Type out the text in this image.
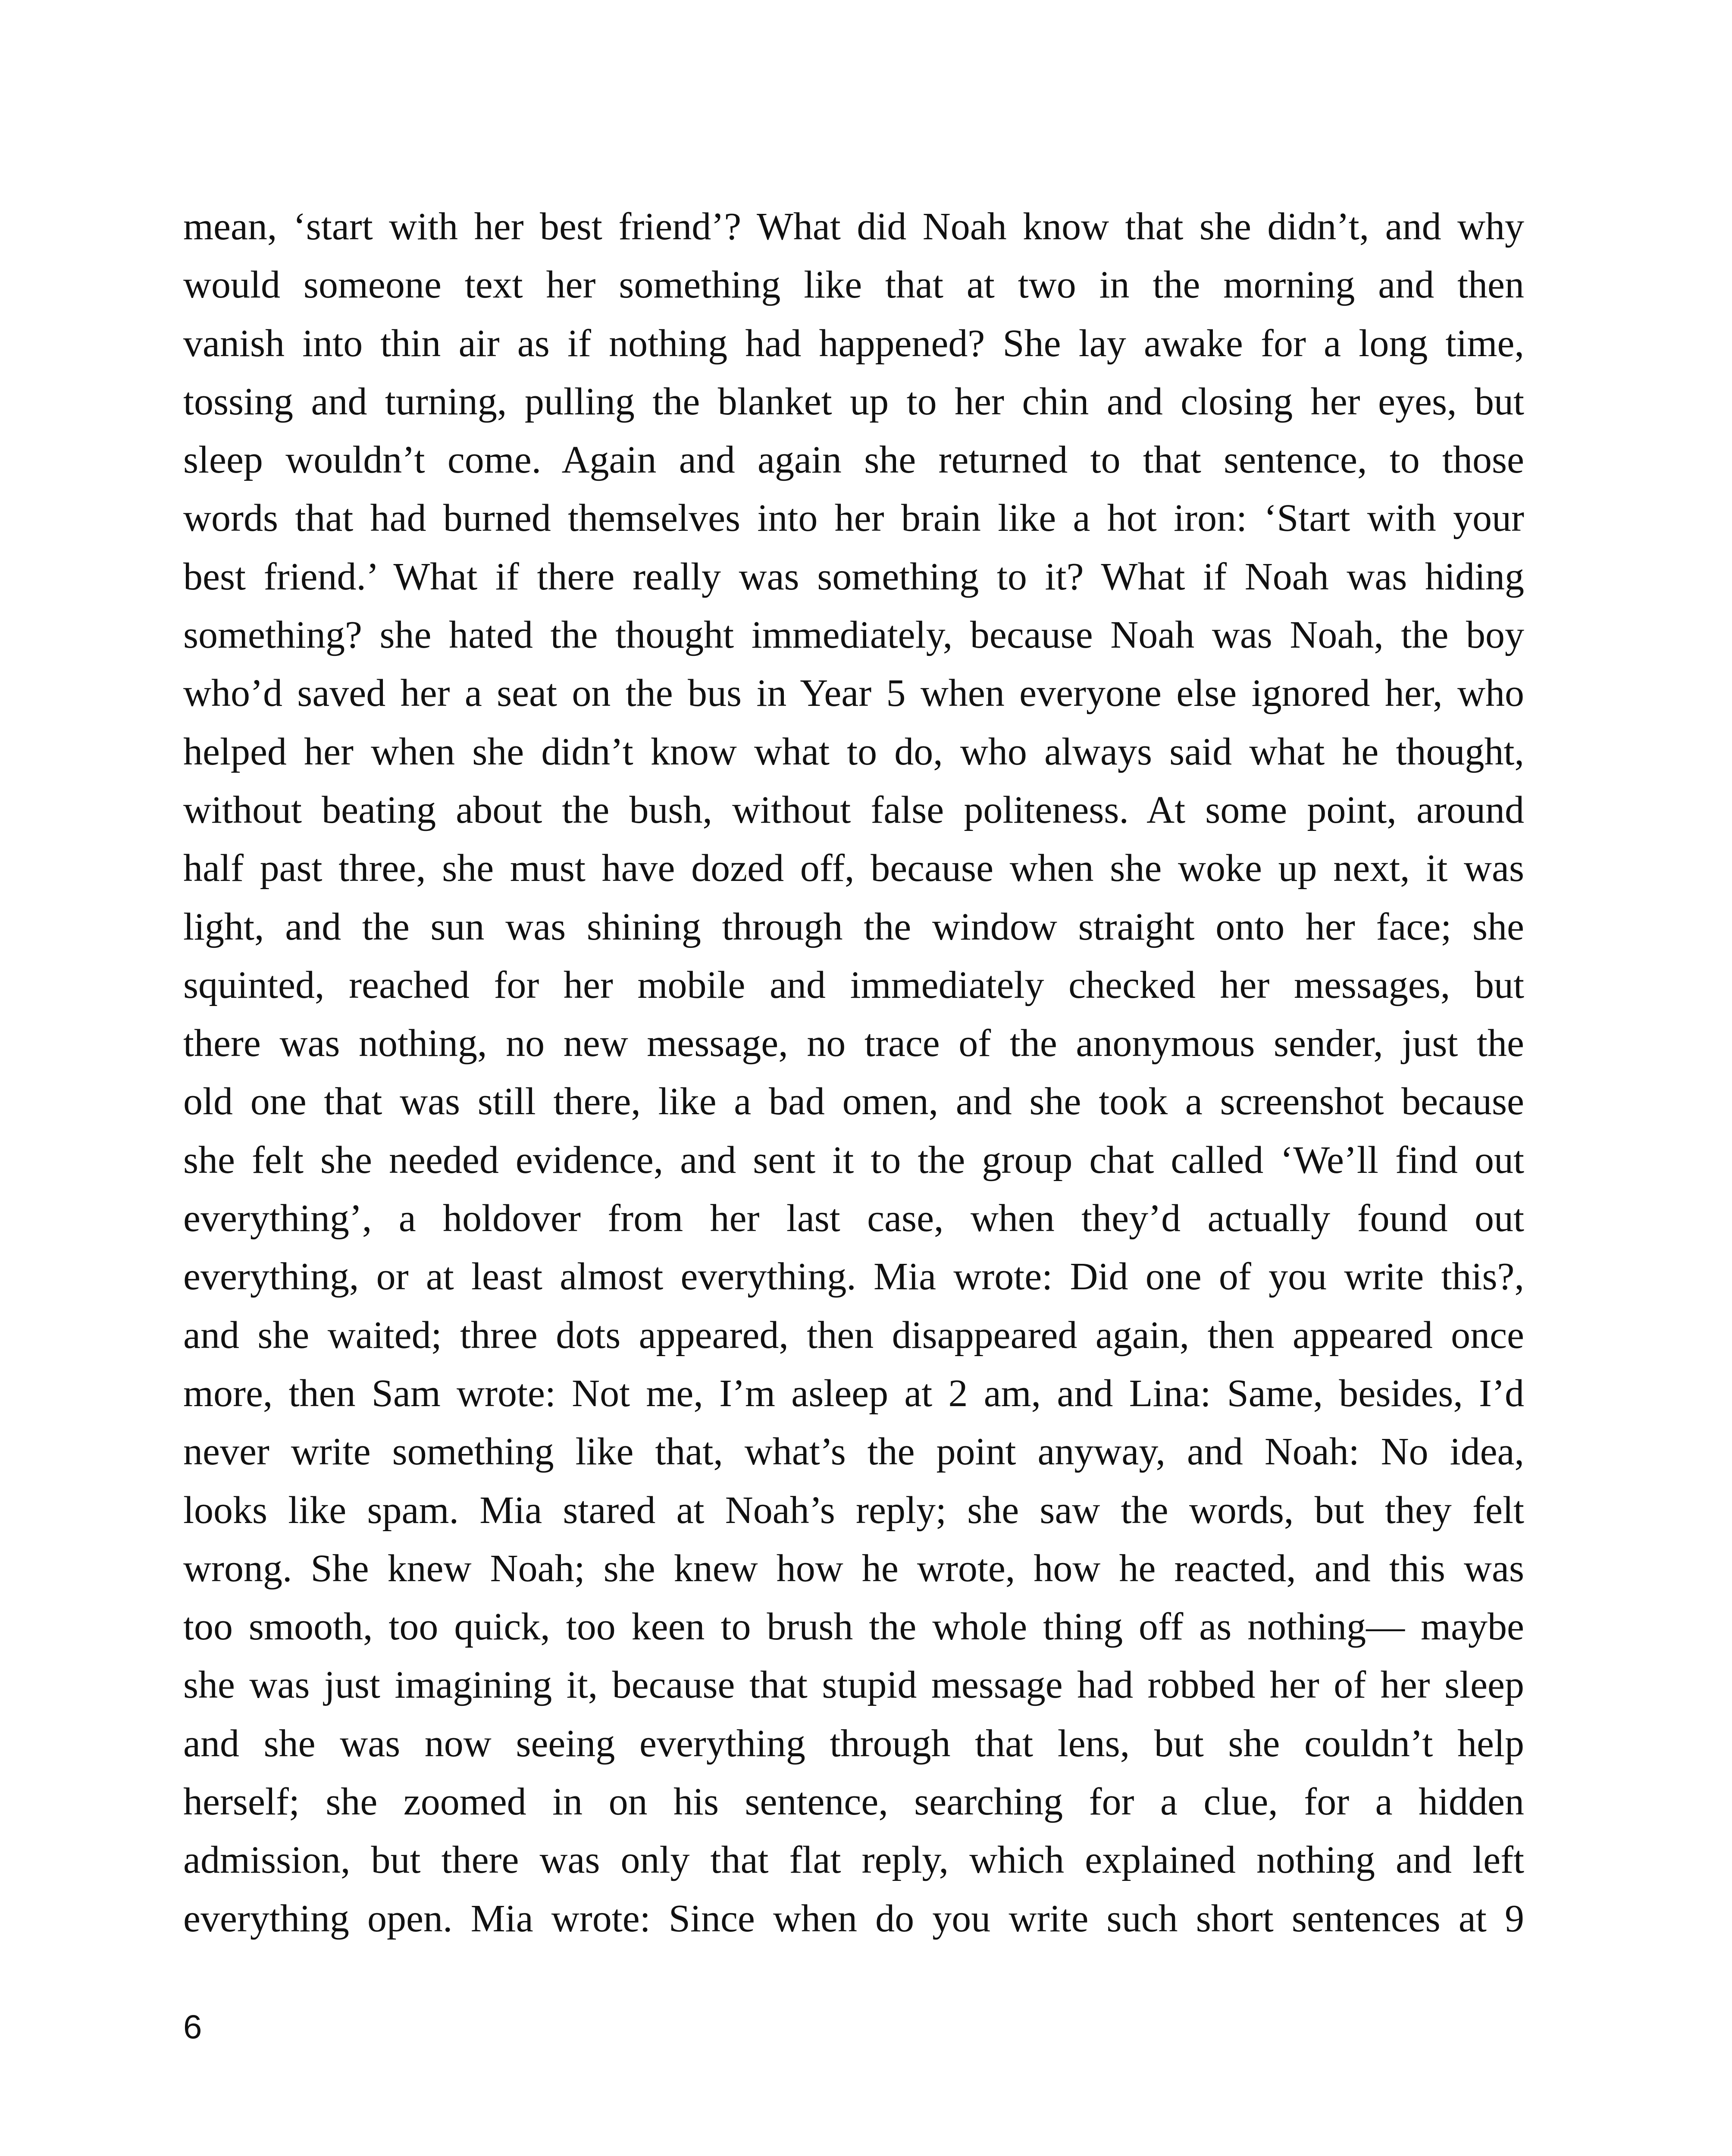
mean, ‘start with her best friend’? What did Noah know that she didn’t, and why
would someone text her something like that at two in the morning and then
vanish into thin air as if nothing had happened? She lay awake for a long time,
tossing and turning, pulling the blanket up to her chin and closing her eyes, but
sleep wouldn’t come. Again and again she returned to that sentence, to those
words that had burned themselves into her brain like a hot iron: ‘Start with your
best friend.’ What if there really was something to it? What if Noah was hiding
something? she hated the thought immediately, because Noah was Noah, the boy
who’d saved her a seat on the bus in Year 5 when everyone else ignored her, who
helped her when she didn’t know what to do, who always said what he thought,
without beating about the bush, without false politeness. At some point, around
half past three, she must have dozed off, because when she woke up next, it was
light, and the sun was shining through the window straight onto her face; she
squinted, reached for her mobile and immediately checked her messages, but
there was nothing, no new message, no trace of the anonymous sender, just the
old one that was still there, like a bad omen, and she took a screenshot because
she felt she needed evidence, and sent it to the group chat called ‘We’ll find out
everything’, a holdover from her last case, when they’d actually found out
everything, or at least almost everything. Mia wrote: Did one of you write this?,
and she waited; three dots appeared, then disappeared again, then appeared once
more, then Sam wrote: Not me, I’m asleep at 2 am, and Lina: Same, besides, I’d
never write something like that, what’s the point anyway, and Noah: No idea,
looks like spam. Mia stared at Noah’s reply; she saw the words, but they felt
wrong. She knew Noah; she knew how he wrote, how he reacted, and this was
too smooth, too quick, too keen to brush the whole thing off as nothing— maybe
she was just imagining it, because that stupid message had robbed her of her sleep
and she was now seeing everything through that lens, but she couldn’t help
herself; she zoomed in on his sentence, searching for a clue, for a hidden
admission, but there was only that flat reply, which explained nothing and left
everything open. Mia wrote: Since when do you write such short sentences at 9
6
